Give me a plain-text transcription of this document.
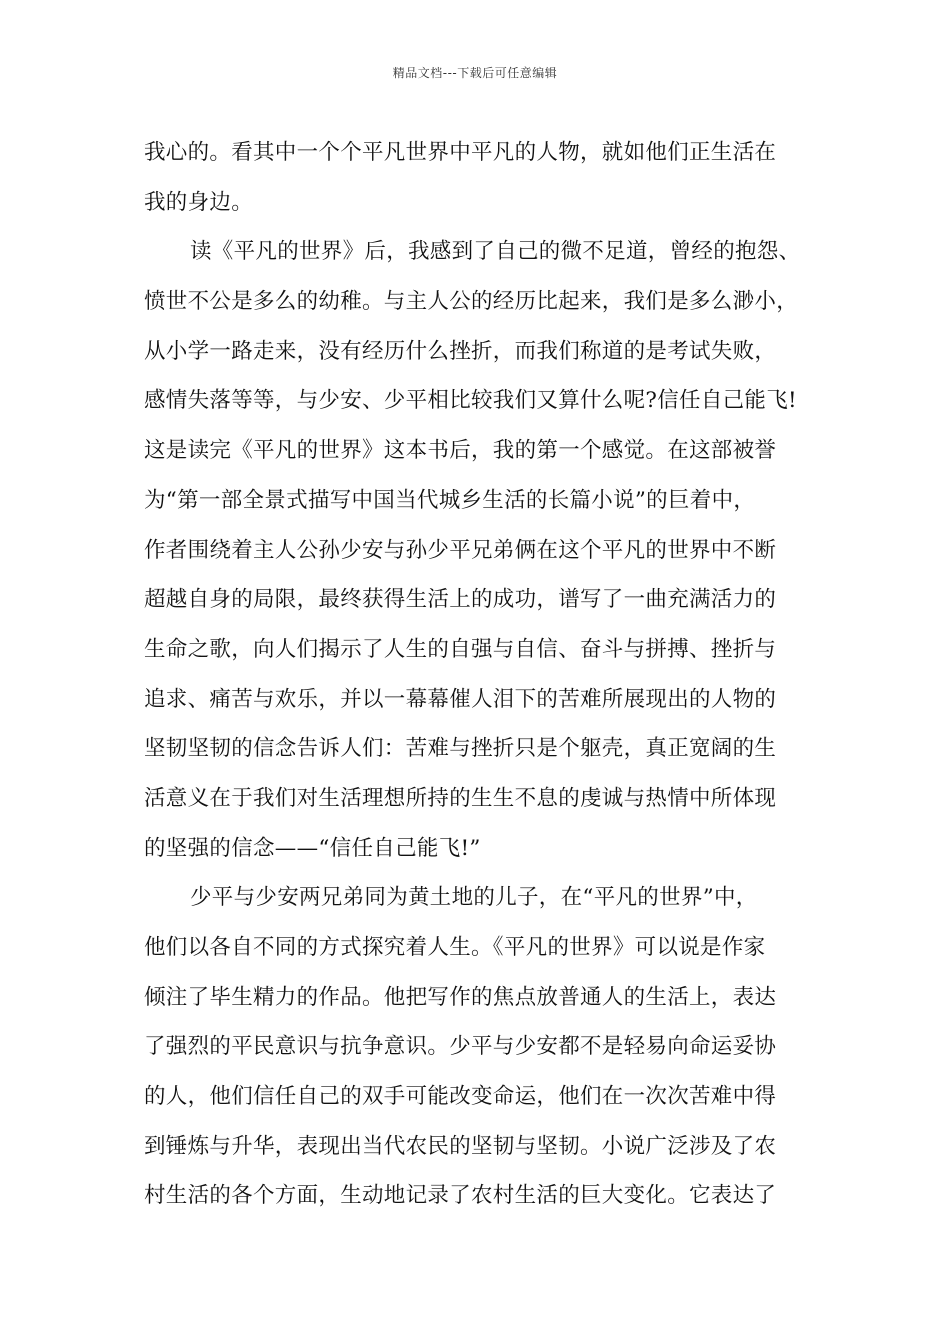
精品文档---下载后可任意编辑
我心的。看其中一个个平凡世界中平凡的人物，就如他们正生活在
我的身边。
读《平凡的世界》后，我感到了自己的微不足道，曾经的抱怨、
愤世不公是多么的幼稚。与主人公的经历比起来，我们是多么渺小，
从小学一路走来，没有经历什么挫折，而我们称道的是考试失败，
感情失落等等，与少安、少平相比较我们又算什么呢?信任自己能飞!
这是读完《平凡的世界》这本书后，我的第一个感觉。在这部被誉
为“第一部全景式描写中国当代城乡生活的长篇小说”的巨着中，
作者围绕着主人公孙少安与孙少平兄弟俩在这个平凡的世界中不断
超越自身的局限，最终获得生活上的成功，谱写了一曲充满活力的
生命之歌，向人们揭示了人生的自强与自信、奋斗与拼搏、挫折与
追求、痛苦与欢乐，并以一幕幕催人泪下的苦难所展现出的人物的
坚韧坚韧的信念告诉人们：苦难与挫折只是个躯壳，真正宽阔的生
活意义在于我们对生活理想所持的生生不息的虔诚与热情中所体现
的坚强的信念——“信任自己能飞!”
少平与少安两兄弟同为黄土地的儿子，在“平凡的世界”中，
他们以各自不同的方式探究着人生。《平凡的世界》可以说是作家
倾注了毕生精力的作品。他把写作的焦点放普通人的生活上，表达
了强烈的平民意识与抗争意识。少平与少安都不是轻易向命运妥协
的人，他们信任自己的双手可能改变命运，他们在一次次苦难中得
到锤炼与升华，表现出当代农民的坚韧与坚韧。小说广泛涉及了农
村生活的各个方面，生动地记录了农村生活的巨大变化。它表达了
